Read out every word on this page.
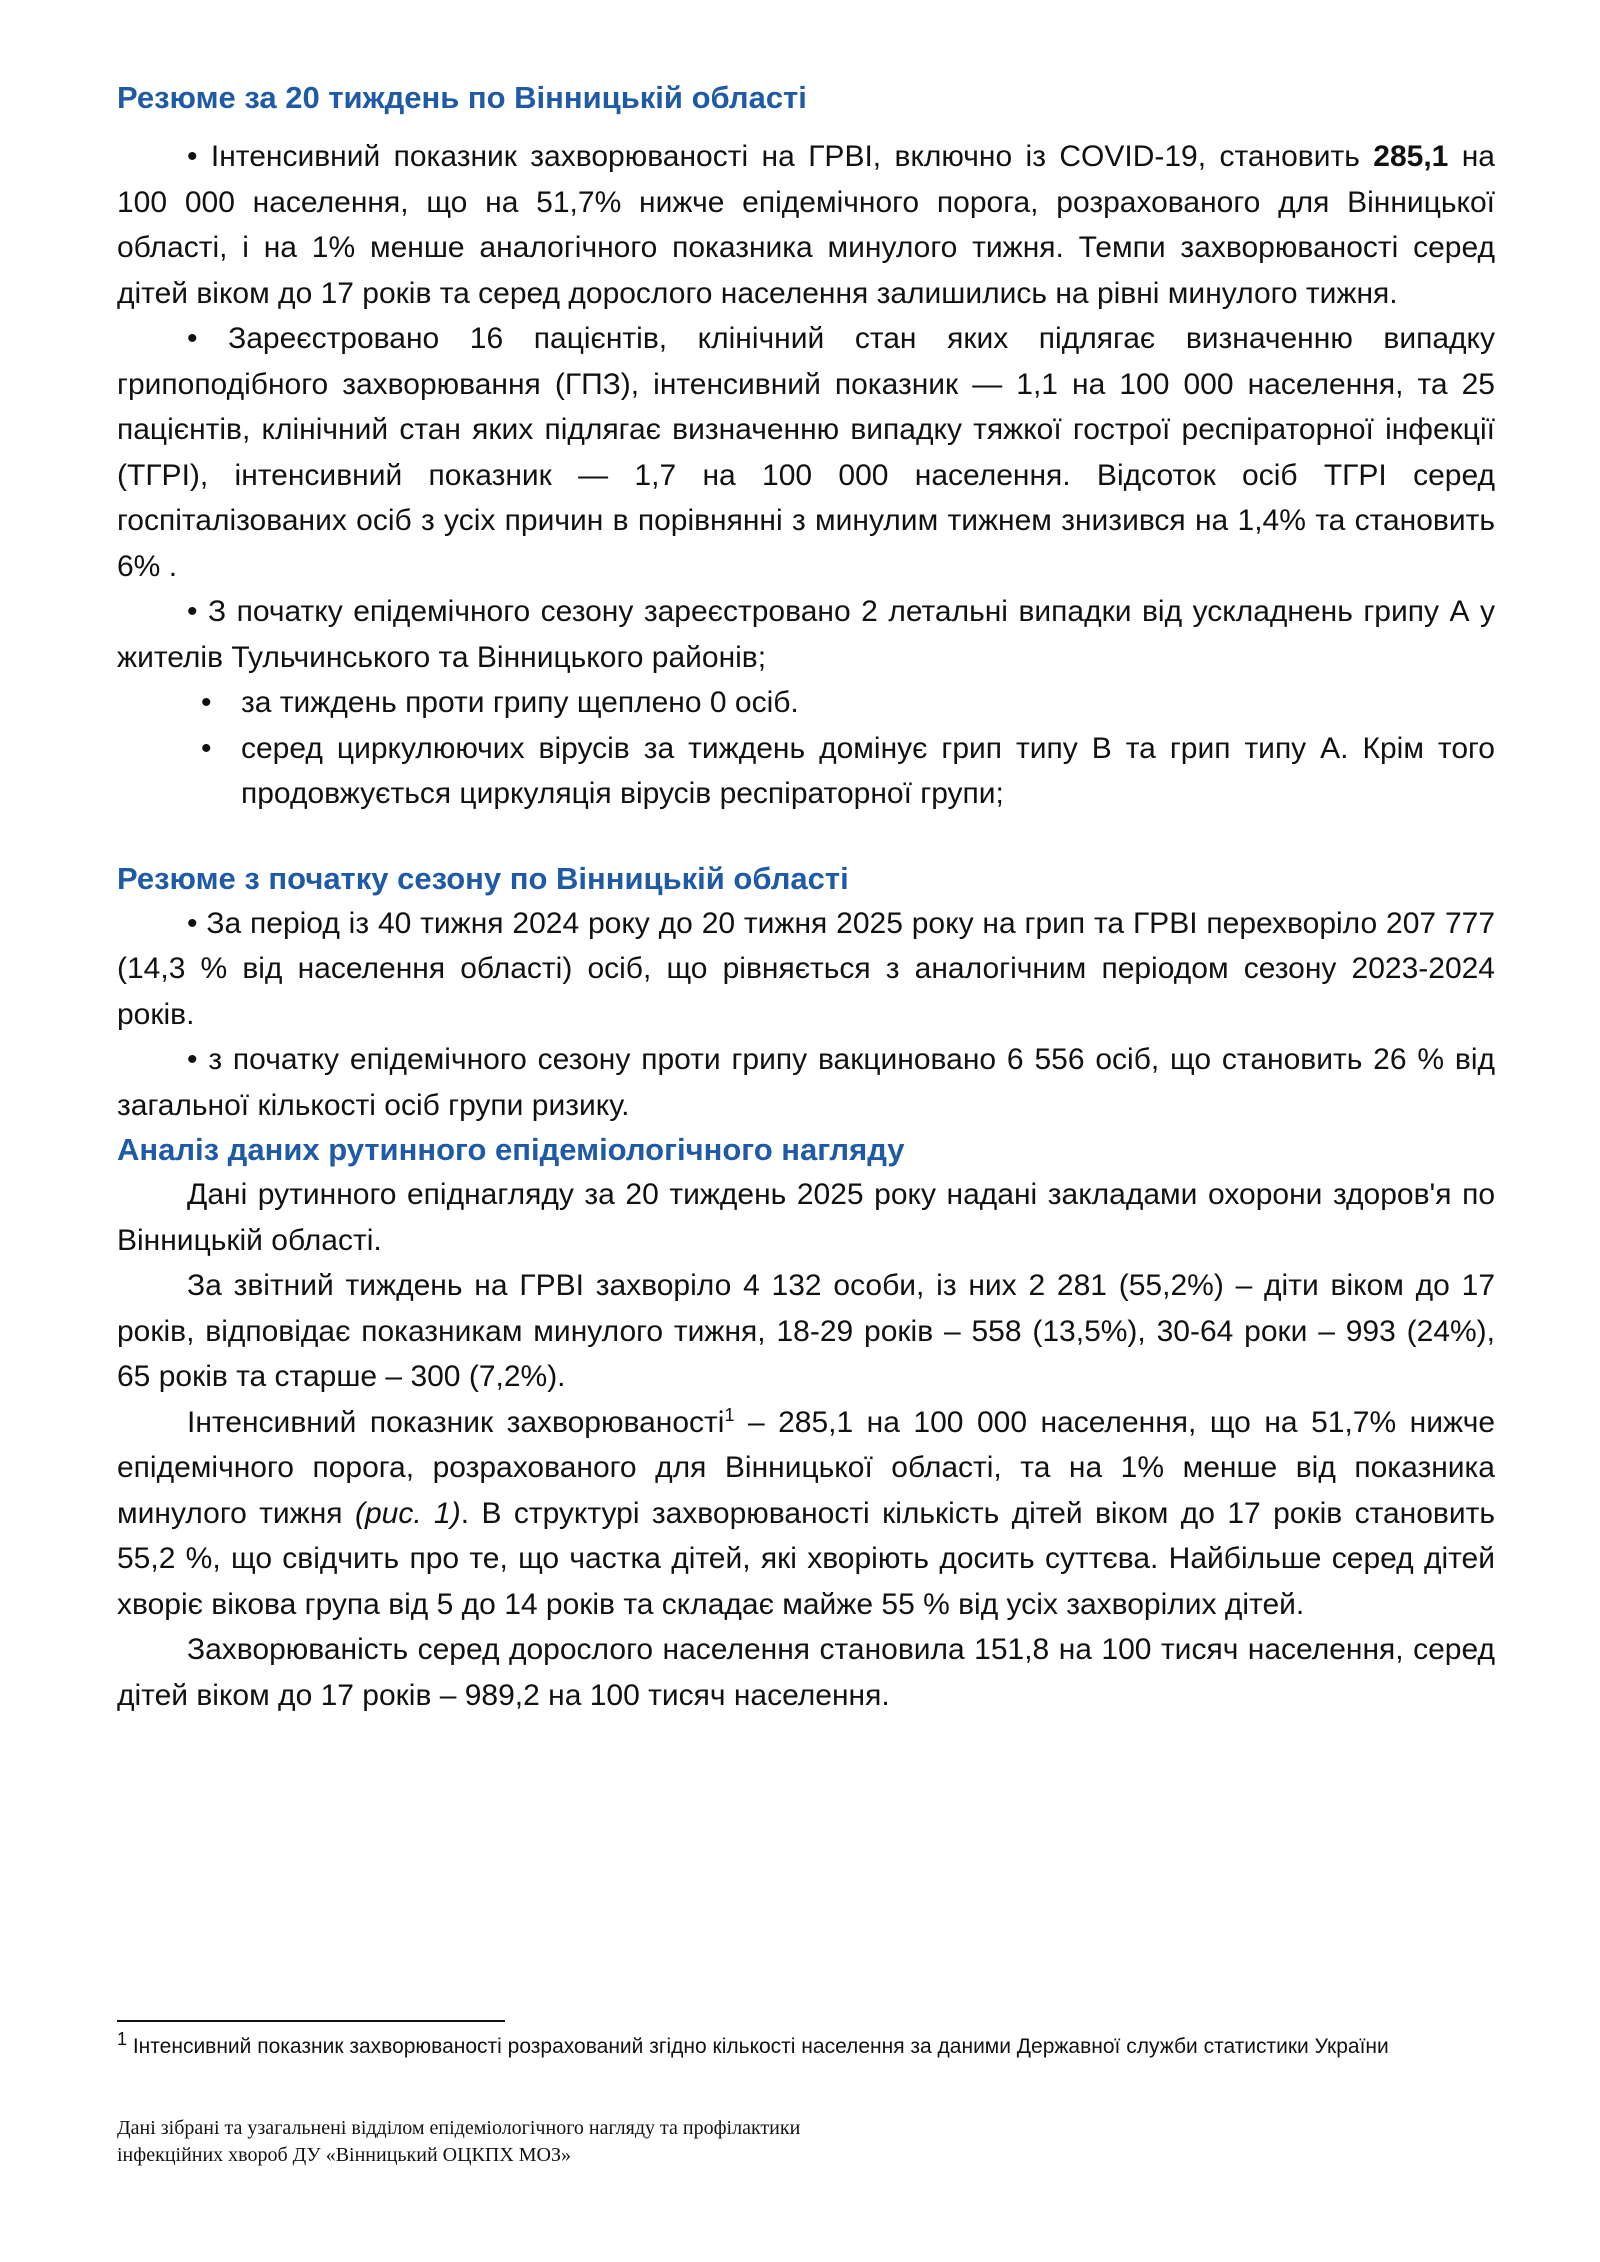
Резюме за 20 тиждень по Вінницькій області

• Інтенсивний показник захворюваності на ГРВІ, включно із COVID-19, становить 285,1 на 100 000 населення, що на 51,7% нижче епідемічного порога, розрахованого для Вінницької області, і на 1% менше аналогічного показника минулого тижня. Темпи захворюваності серед дітей віком до 17 років та серед дорослого населення залишились на рівні минулого тижня.

• Зареєстровано 16 пацієнтів, клінічний стан яких підлягає визначенню випадку грипоподібного захворювання (ГПЗ), інтенсивний показник — 1,1 на 100 000 населення, та 25 пацієнтів, клінічний стан яких підлягає визначенню випадку тяжкої гострої респіраторної інфекції (ТГРІ), інтенсивний показник — 1,7 на 100 000 населення. Відсоток осіб ТГРІ серед госпіталізованих осіб з усіх причин в порівнянні з минулим тижнем знизився на 1,4% та становить 6% .

• З початку епідемічного сезону зареєстровано 2 летальні випадки від ускладнень грипу А у жителів Тульчинського та Вінницького районів;

• за тиждень проти грипу щеплено 0 осіб.
• серед циркулюючих вірусів за тиждень домінує грип типу В та грип типу А. Крім того продовжується циркуляція вірусів респіраторної групи;
Резюме з початку сезону по Вінницькій області

• За період із 40 тижня 2024 року до 20 тижня 2025 року на грип та ГРВІ перехворіло 207 777 (14,3 % від населення області) осіб, що рівняється з аналогічним періодом сезону 2023-2024 років.

• з початку епідемічного сезону проти грипу вакциновано 6 556 осіб, що становить 26 % від загальної кількості осіб групи ризику.

Аналіз даних рутинного епідеміологічного нагляду

Дані рутинного епіднагляду за 20 тиждень 2025 року надані закладами охорони здоров'я по Вінницькій області.

За звітний тиждень на ГРВІ захворіло 4 132 особи, із них 2 281 (55,2%) – діти віком до 17 років, відповідає показникам минулого тижня, 18-29 років – 558 (13,5%), 30-64 роки – 993 (24%), 65 років та старше – 300 (7,2%).

Інтенсивний показник захворюваності$^1$ – 285,1 на 100 000 населення, що на 51,7% нижче епідемічного порога, розрахованого для Вінницької області, та на 1% менше від показника минулого тижня (рис. 1). В структурі захворюваності кількість дітей віком до 17 років становить 55,2 %, що свідчить про те, що частка дітей, які хворіють досить суттєва. Найбільше серед дітей хворіє вікова група від 5 до 14 років та складає майже 55 % від усіх захворілих дітей.

Захворюваність серед дорослого населення становила 151,8 на 100 тисяч населення, серед дітей віком до 17 років – 989,2 на 100 тисяч населення.

$^1$ Інтенсивний показник захворюваності розрахований згідно кількості населення за даними Державної служби статистики України
Дані зібрані та узагальнені відділом епідеміологічного нагляду та профілактики
інфекційних хвороб ДУ «Вінницький ОЦКПХ МОЗ»
